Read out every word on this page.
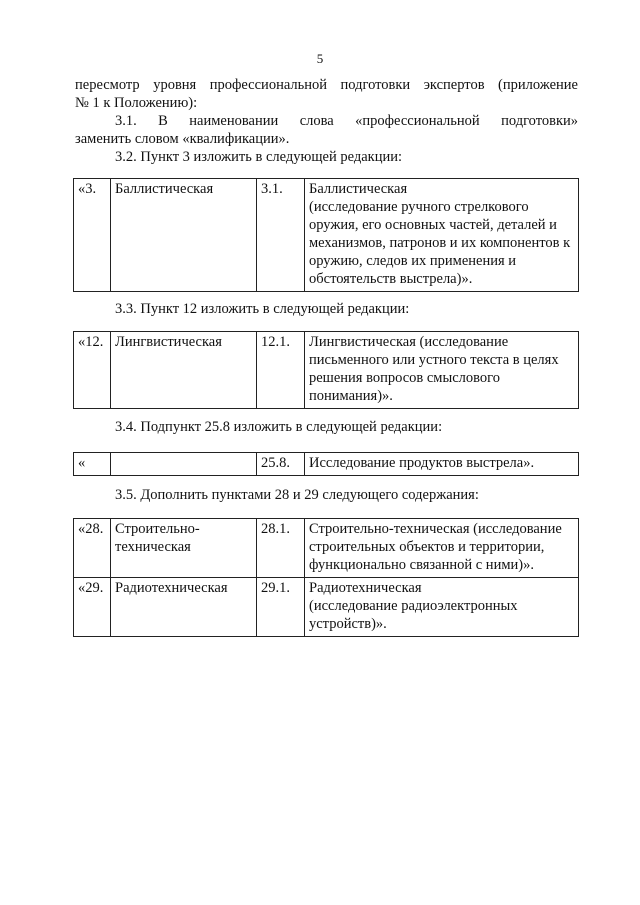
5

пересмотр уровня профессиональной подготовки экспертов (приложение

№ 1 к Положению):

3.1. В наименовании слова «профессиональной подготовки»

заменить словом «квалификации».

3.2. Пункт 3 изложить в следующей редакции:

«3.	Баллистическая	3.1.	Баллистическая
(исследование ручного стрелкового
оружия, его основных частей, деталей и
механизмов, патронов и их компонентов к
оружию, следов их применения и
обстоятельств выстрела)».

3.3. Пункт 12 изложить в следующей редакции:

«12.	Лингвистическая	12.1.	Лингвистическая (исследование
письменного или устного текста в целях
решения вопросов смыслового
понимания)».

3.4. Подпункт 25.8 изложить в следующей редакции:

«		25.8.	Исследование продуктов выстрела».

3.5. Дополнить пунктами 28 и 29 следующего содержания:

«28.	Строительно-
техническая	28.1.	Строительно-техническая (исследование
строительных объектов и территории,
функционально связанной с ними)».

«29.	Радиотехническая	29.1.	Радиотехническая
(исследование радиоэлектронных
устройств)».
